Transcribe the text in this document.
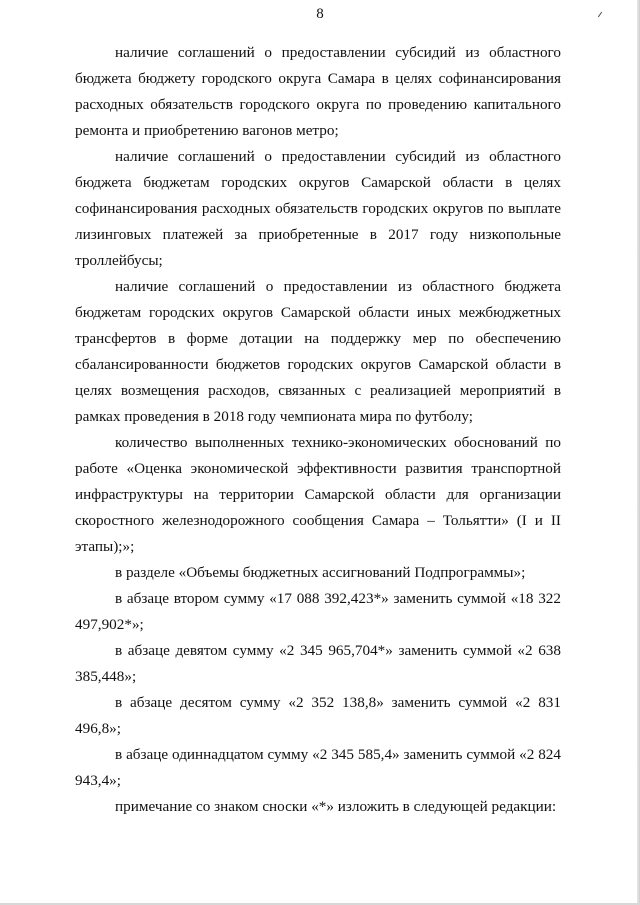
8

наличие соглашений о предоставлении субсидий из областного бюджета бюджету городского округа Самара в целях софинансирования расходных обязательств городского округа по проведению капитального ремонта и приобретению вагонов метро;

наличие соглашений о предоставлении субсидий из областного бюджета бюджетам городских округов Самарской области в целях софинансирования расходных обязательств городских округов по выплате лизинговых платежей за приобретенные в 2017 году низкопольные троллейбусы;

наличие соглашений о предоставлении из областного бюджета бюджетам городских округов Самарской области иных межбюджетных трансфертов в форме дотации на поддержку мер по обеспечению сбалансированности бюджетов городских округов Самарской области в целях возмещения расходов, связанных с реализацией мероприятий в рамках проведения в 2018 году чемпионата мира по футболу;

количество выполненных технико-экономических обоснований по работе «Оценка экономической эффективности развития транспортной инфраструктуры на территории Самарской области для организации скоростного железнодорожного сообщения Самара – Тольятти» (I и II этапы);»;

в разделе «Объемы бюджетных ассигнований Подпрограммы»;

в абзаце втором сумму «17 088 392,423*» заменить суммой «18 322 497,902*»;

в абзаце девятом сумму «2 345 965,704*» заменить суммой «2 638 385,448»;

в абзаце десятом сумму «2 352 138,8» заменить суммой «2 831 496,8»;

в абзаце одиннадцатом сумму «2 345 585,4» заменить суммой «2 824 943,4»;

примечание со знаком сноски «*» изложить в следующей редакции:
